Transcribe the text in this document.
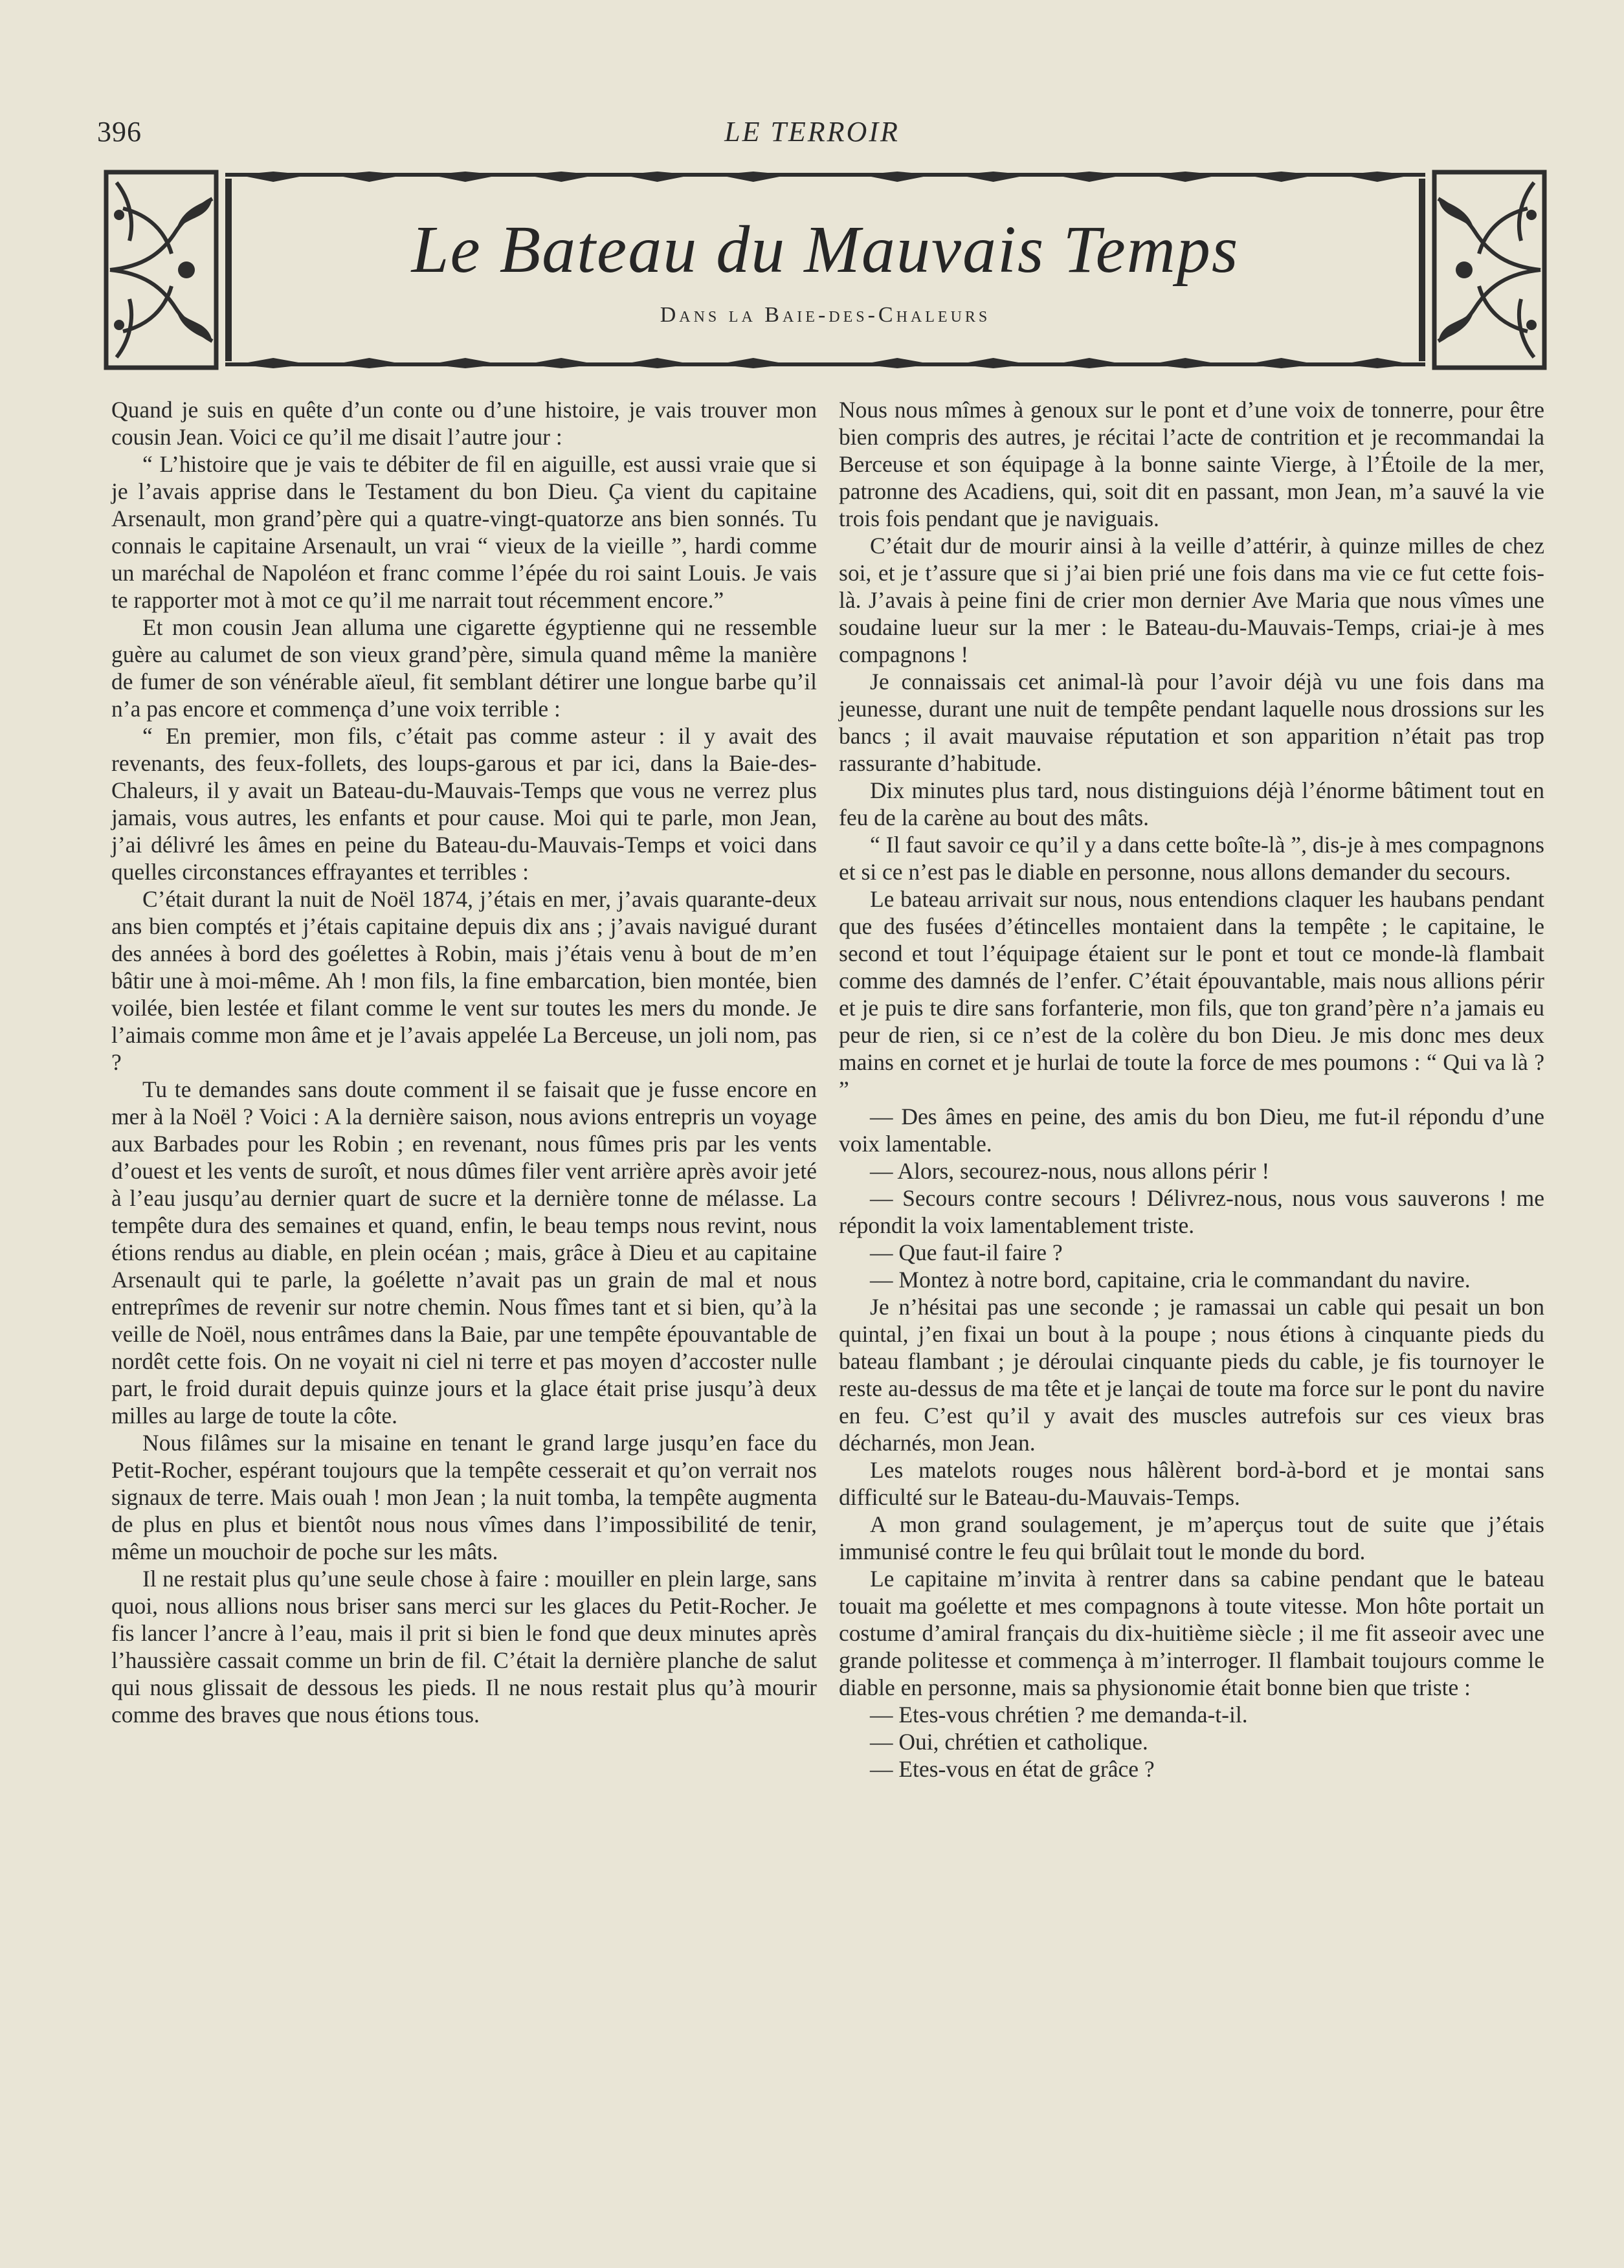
396	LE TERROIR
Le Bateau du Mauvais Temps
Dans la Baie-des-Chaleurs

Quand je suis en quête d’un conte ou d’une histoire, je vais trouver mon cousin Jean. Voici ce qu’il me disait l’autre jour :

“ L’histoire que je vais te débiter de fil en aiguille, est aussi vraie que si je l’avais apprise dans le Testament du bon Dieu. Ça vient du capitaine Arsenault, mon grand’père qui a quatre-vingt-quatorze ans bien sonnés. Tu connais le capitaine Arsenault, un vrai “ vieux de la vieille ”, hardi comme un maréchal de Napoléon et franc comme l’épée du roi saint Louis. Je vais te rapporter mot à mot ce qu’il me narrait tout récemment encore.”

Et mon cousin Jean alluma une cigarette égyptienne qui ne ressemble guère au calumet de son vieux grand’père, simula quand même la manière de fumer de son vénérable aïeul, fit semblant détirer une longue barbe qu’il n’a pas encore et commença d’une voix terrible :

“ En premier, mon fils, c’était pas comme asteur : il y avait des revenants, des feux-follets, des loups-garous et par ici, dans la Baie-des-Chaleurs, il y avait un Bateau-du-Mauvais-Temps que vous ne verrez plus jamais, vous autres, les enfants et pour cause. Moi qui te parle, mon Jean, j’ai délivré les âmes en peine du Bateau-du-Mauvais-Temps et voici dans quelles circonstances effrayantes et terribles :

C’était durant la nuit de Noël 1874, j’étais en mer, j’avais quarante-deux ans bien comptés et j’étais capitaine depuis dix ans ; j’avais navigué durant des années à bord des goélettes à Robin, mais j’étais venu à bout de m’en bâtir une à moi-même. Ah ! mon fils, la fine embarcation, bien montée, bien voilée, bien lestée et filant comme le vent sur toutes les mers du monde. Je l’aimais comme mon âme et je l’avais appelée La Berceuse, un joli nom, pas ?

Tu te demandes sans doute comment il se faisait que je fusse encore en mer à la Noël ? Voici : A la dernière saison, nous avions entrepris un voyage aux Barbades pour les Robin ; en revenant, nous fûmes pris par les vents d’ouest et les vents de suroît, et nous dûmes filer vent arrière après avoir jeté à l’eau jusqu’au dernier quart de sucre et la dernière tonne de mélasse. La tempête dura des semaines et quand, enfin, le beau temps nous revint, nous étions rendus au diable, en plein océan ; mais, grâce à Dieu et au capitaine Arsenault qui te parle, la goélette n’avait pas un grain de mal et nous entreprîmes de revenir sur notre chemin. Nous fîmes tant et si bien, qu’à la veille de Noël, nous entrâmes dans la Baie, par une tempête épouvantable de nordêt cette fois. On ne voyait ni ciel ni terre et pas moyen d’accoster nulle part, le froid durait depuis quinze jours et la glace était prise jusqu’à deux milles au large de toute la côte.

Nous filâmes sur la misaine en tenant le grand large jusqu’en face du Petit-Rocher, espérant toujours que la tempête cesserait et qu’on verrait nos signaux de terre. Mais ouah ! mon Jean ; la nuit tomba, la tempête augmenta de plus en plus et bientôt nous nous vîmes dans l’impossibilité de tenir, même un mouchoir de poche sur les mâts.

Il ne restait plus qu’une seule chose à faire : mouiller en plein large, sans quoi, nous allions nous briser sans merci sur les glaces du Petit-Rocher. Je fis lancer l’ancre à l’eau, mais il prit si bien le fond que deux minutes après l’haussière cassait comme un brin de fil. C’était la dernière planche de salut qui nous glissait de dessous les pieds. Il ne nous restait plus qu’à mourir comme des braves que nous étions tous.

Nous nous mîmes à genoux sur le pont et d’une voix de tonnerre, pour être bien compris des autres, je récitai l’acte de contrition et je recommandai la Berceuse et son équipage à la bonne sainte Vierge, à l’Étoile de la mer, patronne des Acadiens, qui, soit dit en passant, mon Jean, m’a sauvé la vie trois fois pendant que je naviguais.

C’était dur de mourir ainsi à la veille d’attérir, à quinze milles de chez soi, et je t’assure que si j’ai bien prié une fois dans ma vie ce fut cette fois-là. J’avais à peine fini de crier mon dernier Ave Maria que nous vîmes une soudaine lueur sur la mer : le Bateau-du-Mauvais-Temps, criai-je à mes compagnons !

Je connaissais cet animal-là pour l’avoir déjà vu une fois dans ma jeunesse, durant une nuit de tempête pendant laquelle nous drossions sur les bancs ; il avait mauvaise réputation et son apparition n’était pas trop rassurante d’habitude.

Dix minutes plus tard, nous distinguions déjà l’énorme bâtiment tout en feu de la carène au bout des mâts.

“ Il faut savoir ce qu’il y a dans cette boîte-là ”, dis-je à mes compagnons et si ce n’est pas le diable en personne, nous allons demander du secours.

Le bateau arrivait sur nous, nous entendions claquer les haubans pendant que des fusées d’étincelles montaient dans la tempête ; le capitaine, le second et tout l’équipage étaient sur le pont et tout ce monde-là flambait comme des damnés de l’enfer. C’était épouvantable, mais nous allions périr et je puis te dire sans forfanterie, mon fils, que ton grand’père n’a jamais eu peur de rien, si ce n’est de la colère du bon Dieu. Je mis donc mes deux mains en cornet et je hurlai de toute la force de mes poumons : “ Qui va là ? ”

— Des âmes en peine, des amis du bon Dieu, me fut-il répondu d’une voix lamentable.

— Alors, secourez-nous, nous allons périr !

— Secours contre secours ! Délivrez-nous, nous vous sauverons ! me répondit la voix lamentablement triste.

— Que faut-il faire ?

— Montez à notre bord, capitaine, cria le commandant du navire.

Je n’hésitai pas une seconde ; je ramassai un cable qui pesait un bon quintal, j’en fixai un bout à la poupe ; nous étions à cinquante pieds du bateau flambant ; je déroulai cinquante pieds du cable, je fis tournoyer le reste au-dessus de ma tête et je lançai de toute ma force sur le pont du navire en feu. C’est qu’il y avait des muscles autrefois sur ces vieux bras décharnés, mon Jean.

Les matelots rouges nous hâlèrent bord-à-bord et je montai sans difficulté sur le Bateau-du-Mauvais-Temps.

A mon grand soulagement, je m’aperçus tout de suite que j’étais immunisé contre le feu qui brûlait tout le monde du bord.

Le capitaine m’invita à rentrer dans sa cabine pendant que le bateau touait ma goélette et mes compagnons à toute vitesse. Mon hôte portait un costume d’amiral français du dix-huitième siècle ; il me fit asseoir avec une grande politesse et commença à m’interroger. Il flambait toujours comme le diable en personne, mais sa physionomie était bonne bien que triste :

— Etes-vous chrétien ? me demanda-t-il.

— Oui, chrétien et catholique.

— Etes-vous en état de grâce ?
